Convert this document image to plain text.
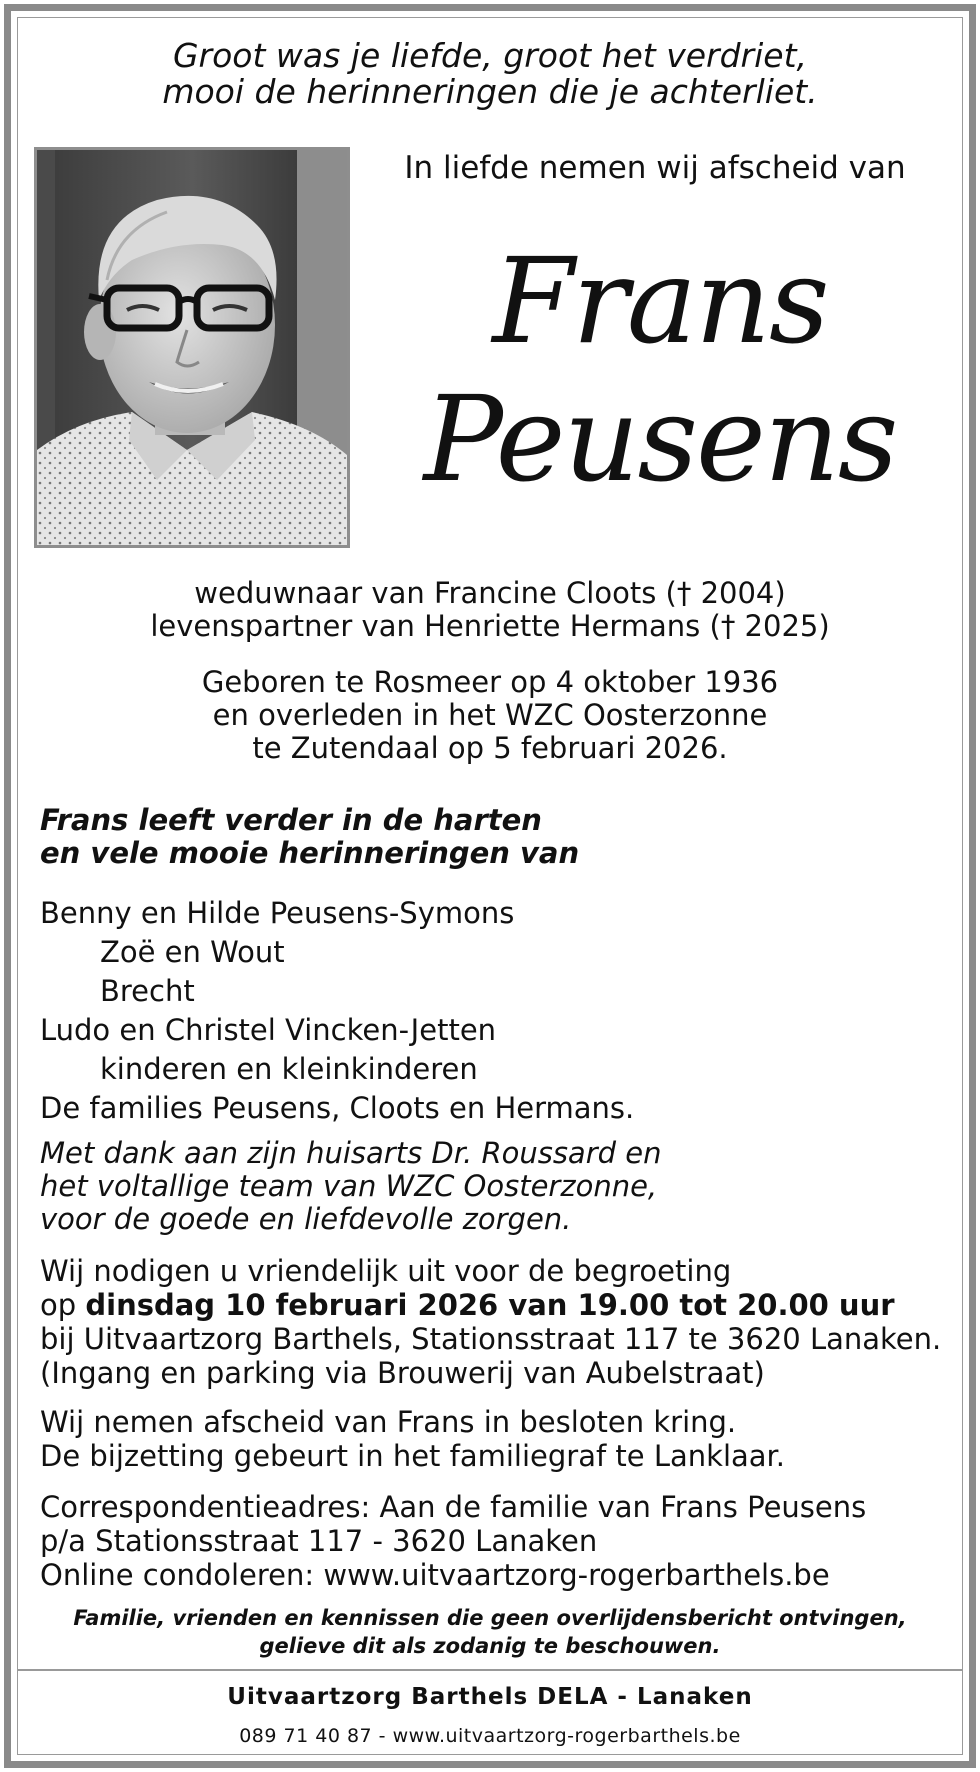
Groot was je liefde, groot het verdriet,
mooi de herinneringen die je achterliet.
In liefde nemen wij afscheid van
Frans
Peusens
weduwnaar van Francine Cloots († 2004)
levenspartner van Henriette Hermans († 2025)
Geboren te Rosmeer op 4 oktober 1936
en overleden in het WZC Oosterzonne
te Zutendaal op 5 februari 2026.
Frans leeft verder in de harten
en vele mooie herinneringen van
Benny en Hilde Peusens-Symons
Zoë en Wout
Brecht
Ludo en Christel Vincken-Jetten
kinderen en kleinkinderen
De families Peusens, Cloots en Hermans.
Met dank aan zijn huisarts Dr. Roussard en
het voltallige team van WZC Oosterzonne,
voor de goede en liefdevolle zorgen.
Wij nodigen u vriendelijk uit voor de begroeting
op dinsdag 10 februari 2026 van 19.00 tot 20.00 uur
bij Uitvaartzorg Barthels, Stationsstraat 117 te 3620 Lanaken.
(Ingang en parking via Brouwerij van Aubelstraat)
Wij nemen afscheid van Frans in besloten kring.
De bijzetting gebeurt in het familiegraf te Lanklaar.
Correspondentieadres: Aan de familie van Frans Peusens
p/a Stationsstraat 117 - 3620 Lanaken
Online condoleren: www.uitvaartzorg-rogerbarthels.be
Familie, vrienden en kennissen die geen overlijdensbericht ontvingen,
gelieve dit als zodanig te beschouwen.
Uitvaartzorg Barthels DELA - Lanaken
089 71 40 87 - www.uitvaartzorg-rogerbarthels.be
